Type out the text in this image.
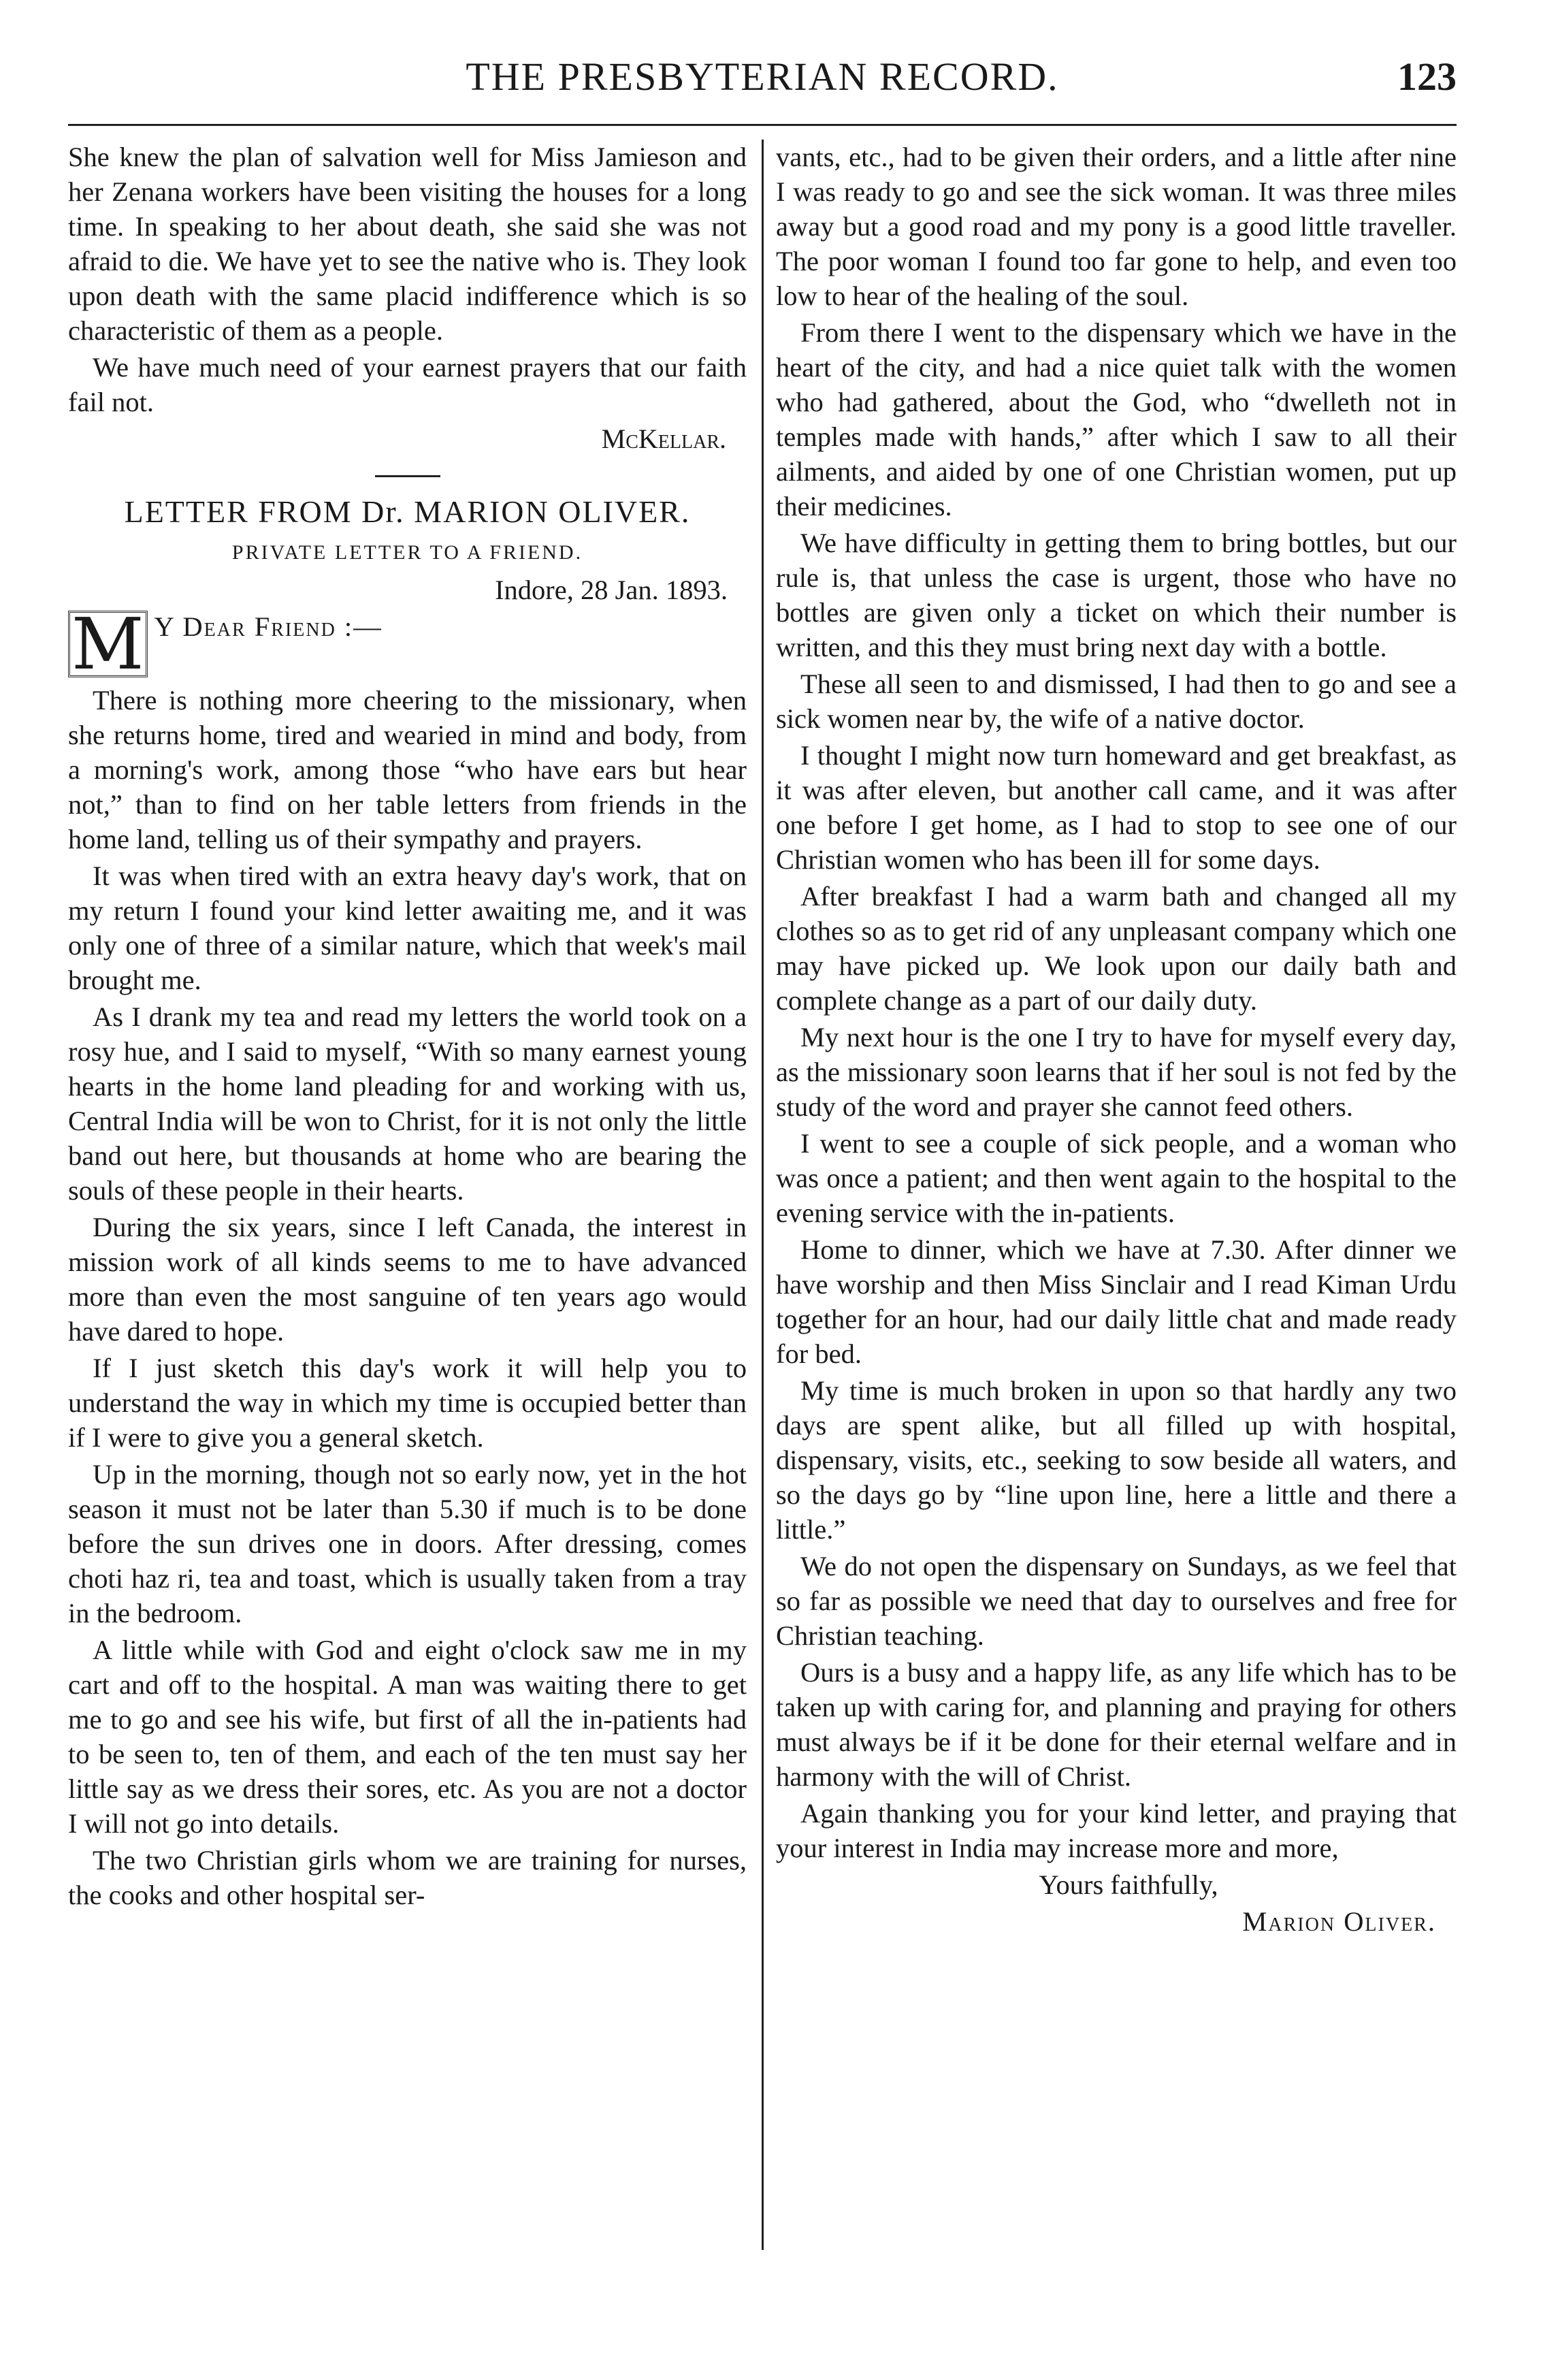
THE PRESBYTERIAN RECORD.	123

She knew the plan of salvation well for Miss Jamieson and her Zenana workers have been visiting the houses for a long time. In speaking to her about death, she said she was not afraid to die. We have yet to see the native who is. They look upon death with the same placid indifference which is so characteristic of them as a people.

We have much need of your earnest prayers that our faith fail not.

McKellar.

LETTER FROM Dr. MARION OLIVER.
PRIVATE LETTER TO A FRIEND.

Indore, 28 Jan. 1893.

M Y Dear Friend :—

There is nothing more cheering to the missionary, when she returns home, tired and wearied in mind and body, from a morning's work, among those “who have ears but hear not,” than to find on her table letters from friends in the home land, telling us of their sympathy and prayers.

It was when tired with an extra heavy day's work, that on my return I found your kind letter awaiting me, and it was only one of three of a similar nature, which that week's mail brought me.

As I drank my tea and read my letters the world took on a rosy hue, and I said to myself, “With so many earnest young hearts in the home land pleading for and working with us, Central India will be won to Christ, for it is not only the little band out here, but thousands at home who are bearing the souls of these people in their hearts.

During the six years, since I left Canada, the interest in mission work of all kinds seems to me to have advanced more than even the most sanguine of ten years ago would have dared to hope.

If I just sketch this day's work it will help you to understand the way in which my time is occupied better than if I were to give you a general sketch.

Up in the morning, though not so early now, yet in the hot season it must not be later than 5.30 if much is to be done before the sun drives one in doors. After dressing, comes choti haz ri, tea and toast, which is usually taken from a tray in the bedroom.

A little while with God and eight o'clock saw me in my cart and off to the hospital. A man was waiting there to get me to go and see his wife, but first of all the in-patients had to be seen to, ten of them, and each of the ten must say her little say as we dress their sores, etc. As you are not a doctor I will not go into details.

The two Christian girls whom we are training for nurses, the cooks and other hospital ser-

vants, etc., had to be given their orders, and a little after nine I was ready to go and see the sick woman. It was three miles away but a good road and my pony is a good little traveller. The poor woman I found too far gone to help, and even too low to hear of the healing of the soul.

From there I went to the dispensary which we have in the heart of the city, and had a nice quiet talk with the women who had gathered, about the God, who “dwelleth not in temples made with hands,” after which I saw to all their ailments, and aided by one of one Christian women, put up their medicines.

We have difficulty in getting them to bring bottles, but our rule is, that unless the case is urgent, those who have no bottles are given only a ticket on which their number is written, and this they must bring next day with a bottle.

These all seen to and dismissed, I had then to go and see a sick women near by, the wife of a native doctor.

I thought I might now turn homeward and get breakfast, as it was after eleven, but another call came, and it was after one before I get home, as I had to stop to see one of our Christian women who has been ill for some days.

After breakfast I had a warm bath and changed all my clothes so as to get rid of any unpleasant company which one may have picked up. We look upon our daily bath and complete change as a part of our daily duty.

My next hour is the one I try to have for myself every day, as the missionary soon learns that if her soul is not fed by the study of the word and prayer she cannot feed others.

I went to see a couple of sick people, and a woman who was once a patient; and then went again to the hospital to the evening service with the in-patients.

Home to dinner, which we have at 7.30. After dinner we have worship and then Miss Sinclair and I read Kiman Urdu together for an hour, had our daily little chat and made ready for bed.

My time is much broken in upon so that hardly any two days are spent alike, but all filled up with hospital, dispensary, visits, etc., seeking to sow beside all waters, and so the days go by “line upon line, here a little and there a little.”

We do not open the dispensary on Sundays, as we feel that so far as possible we need that day to ourselves and free for Christian teaching.

Ours is a busy and a happy life, as any life which has to be taken up with caring for, and planning and praying for others must always be if it be done for their eternal welfare and in harmony with the will of Christ.

Again thanking you for your kind letter, and praying that your interest in India may increase more and more,

Yours faithfully,

Marion Oliver.
